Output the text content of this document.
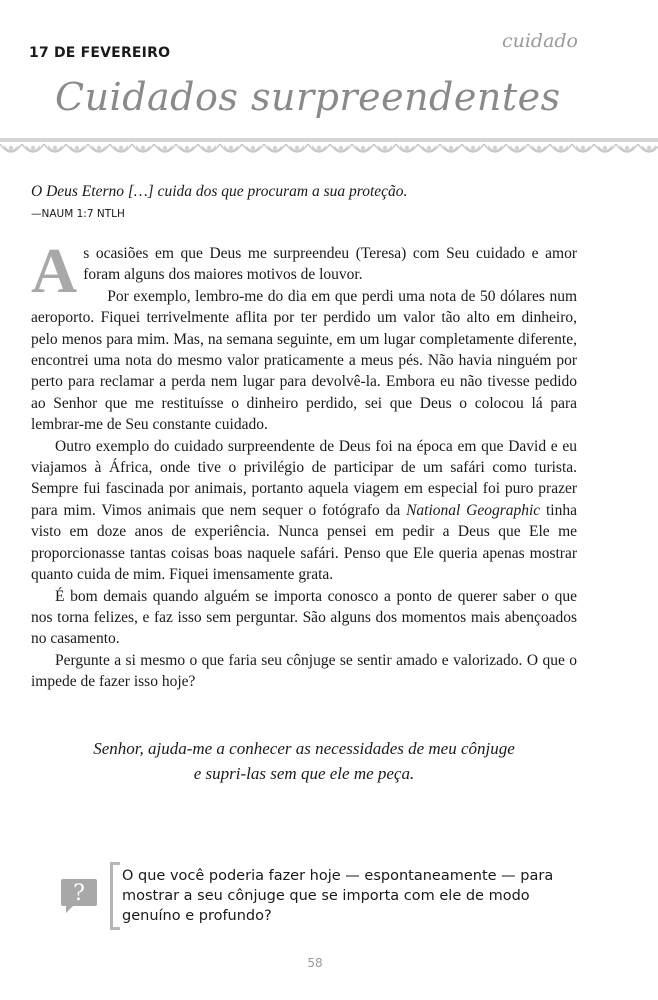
cuidado
17 DE FEVEREIRO
Cuidados surpreendentes
O Deus Eterno […] cuida dos que procuram a sua proteção.
—NAUM 1:7 NTLH

As ocasiões em que Deus me surpreendeu (Teresa) com Seu cuidado e amor foram alguns dos maiores motivos de louvor.

Por exemplo, lembro-me do dia em que perdi uma nota de 50 dólares num aeroporto. Fiquei terrivelmente aflita por ter perdido um valor tão alto em dinheiro, pelo menos para mim. Mas, na semana seguinte, em um lugar completamente diferente, encontrei uma nota do mesmo valor praticamente a meus pés. Não havia ninguém por perto para reclamar a perda nem lugar para devolvê-la. Embora eu não tivesse pedido ao Senhor que me restituísse o dinheiro perdido, sei que Deus o colocou lá para lembrar-me de Seu constante cuidado.

Outro exemplo do cuidado surpreendente de Deus foi na época em que David e eu viajamos à África, onde tive o privilégio de participar de um safári como turista. Sempre fui fascinada por animais, portanto aquela viagem em especial foi puro prazer para mim. Vimos animais que nem sequer o fotógrafo da National Geographic tinha visto em doze anos de experiência. Nunca pensei em pedir a Deus que Ele me proporcionasse tantas coisas boas naquele safári. Penso que Ele queria apenas mostrar quanto cuida de mim. Fiquei imensamente grata.

É bom demais quando alguém se importa conosco a ponto de querer saber o que nos torna felizes, e faz isso sem perguntar. São alguns dos momentos mais abençoados no casamento.

Pergunte a si mesmo o que faria seu cônjuge se sentir amado e valorizado. O que o impede de fazer isso hoje?

Senhor, ajuda-me a conhecer as necessidades de meu cônjuge
e supri-las sem que ele me peça.
?
O que você poderia fazer hoje — espontaneamente — para mostrar a seu cônjuge que se importa com ele de modo genuíno e profundo?
58
